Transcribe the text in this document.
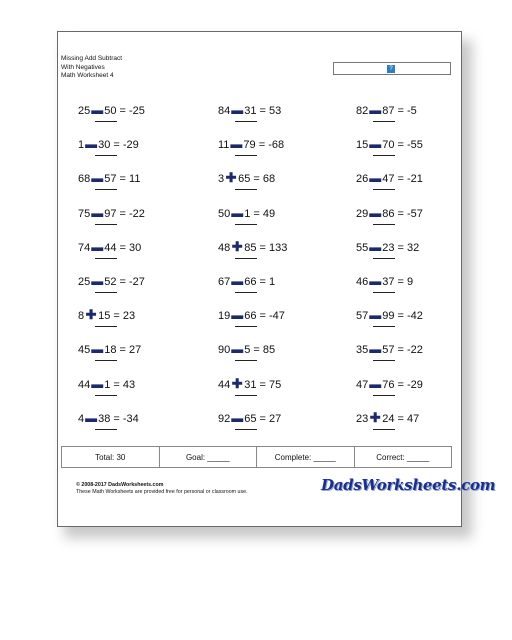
Missing Add Subtract
With Negatives
Math Worksheet 4
?
25▬50 = -25	84▬31 = 53	82▬87 = -5
1▬30 = -29	11▬79 = -68	15▬70 = -55
68▬57 = 11	3 ✚ 65 = 68	26▬47 = -21
75▬97 = -22	50▬1 = 49	29▬86 = -57
74▬44 = 30	48 ✚ 85 = 133	55▬23 = 32
25▬52 = -27	67▬66 = 1	46▬37 = 9
8 ✚ 15 = 23	19▬66 = -47	57▬99 = -42
45▬18 = 27	90▬5 = 85	35▬57 = -22
44▬1 = 43	44 ✚ 31 = 75	47▬76 = -29
4▬38 = -34	92▬65 = 27	23 ✚ 24 = 47
Total: 30	Goal: _____	Complete: _____	Correct: _____
© 2008-2017 DadsWorksheets.com
These Math Worksheets are provided free for personal or classroom use.	DadsWorksheets.com
